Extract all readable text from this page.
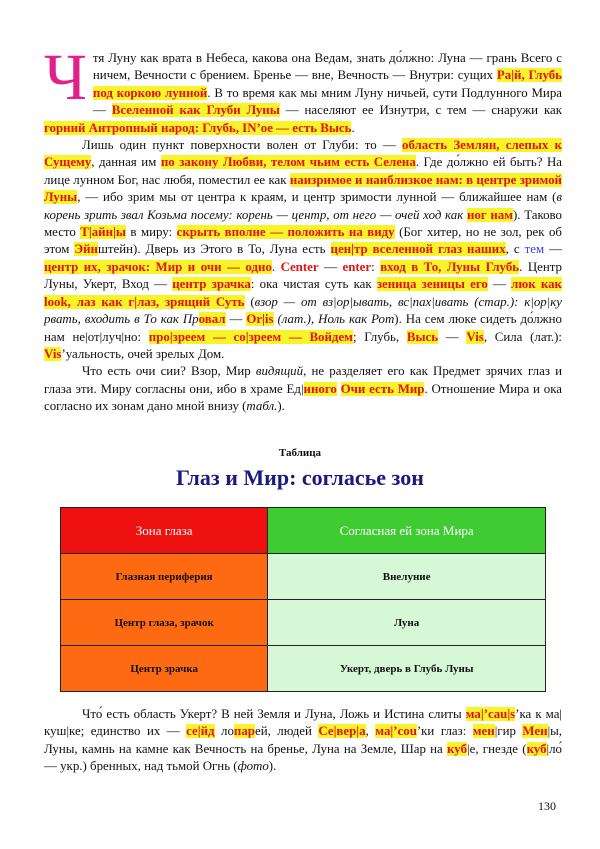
Ч тя Луну как врата в Небеса, какова она Ведам, знать до́лжно: Луна — грань Всего с ничем, Вечности с брением. Бренье — вне, Вечность — Внутри: сущих Ра|й, Глубь под коркою лунной. В то время как мы мним Луну ничьей, сути Подлунного Мира — Вселенной как Глуби Луны — населяют ее Изнутри, с тем — снаружи как горний Антропный народ: Глубь, IN’ое — есть Высь.

Лишь один пункт поверхности волен от Глуби: то — область Землян, слепых к Сущему, данная им по закону Любви, телом чьим есть Селена. Где до́лжно ей быть? На лице лунном Бог, нас любя, поместил ее как наизримое и наиблизкое нам: в центре зримой Луны, — ибо зрим мы от центра к краям, и центр зримости лунной — ближайшее нам (в корень зрить звал Козьма посему: корень — центр, от него — очей ход как ног нам). Таково место Т|айн|ы в миру: скрыть вполне — положить на виду (Бог хитер, но не зол, рек об этом Эйнштейн). Дверь из Этого в То, Луна есть цен|тр вселенной глаз наших, с тем — центр их, зрачок: Мир и очи — одно. Center — enter: вход в То, Луны Глубь. Центр Луны, Укерт, Вход — центр зрачка: ока чистая суть как зеница зеницы его — люк как look, лаз как г|лаз, зрящий Суть (взор — от вз|ор|ывать, вс|пах|ивать (стар.): к|ор|ку рвать, входить в То как Провал — Or|is (лат.), Ноль как Рот). На сем люке сидеть до́лжно нам не|от|луч|но: про|зреем — со|зреем — Войдем; Глубь, Высь — Vis, Сила (лат.): Vis’уальность, очей зрелых Дом.

Что есть очи сии? Взор, Мир видящий, не разделяет его как Предмет зрячих глаз и глаза эти. Миру согласны они, ибо в храме Ед|иного Очи есть Мир. Отношение Мира и ока согласно их зонам дано мной внизу (табл.).

Таблица
Глаз и Мир: согласье зон
Зона глаза	Согласная ей зона Мира
Глазная периферия	Внелуние
Центр глаза, зрачок	Луна
Центр зрачка	Укерт, дверь в Глубь Луны

Что́ есть область Укерт? В ней Земля и Луна, Ложь и Истина слиты ма|’cau|s’ка к ма|куш|ке; единство их — се|йд лопарей, людей Се|вер|а, ма|’cou’ки глаз: мен|гир Мен|ы, Луны, камнь на камне как Вечность на бренье, Луна на Земле, Шар на куб|е, гнезде (куб|ло́ — укр.) бренных, над тьмой Огнь (фото).

130
